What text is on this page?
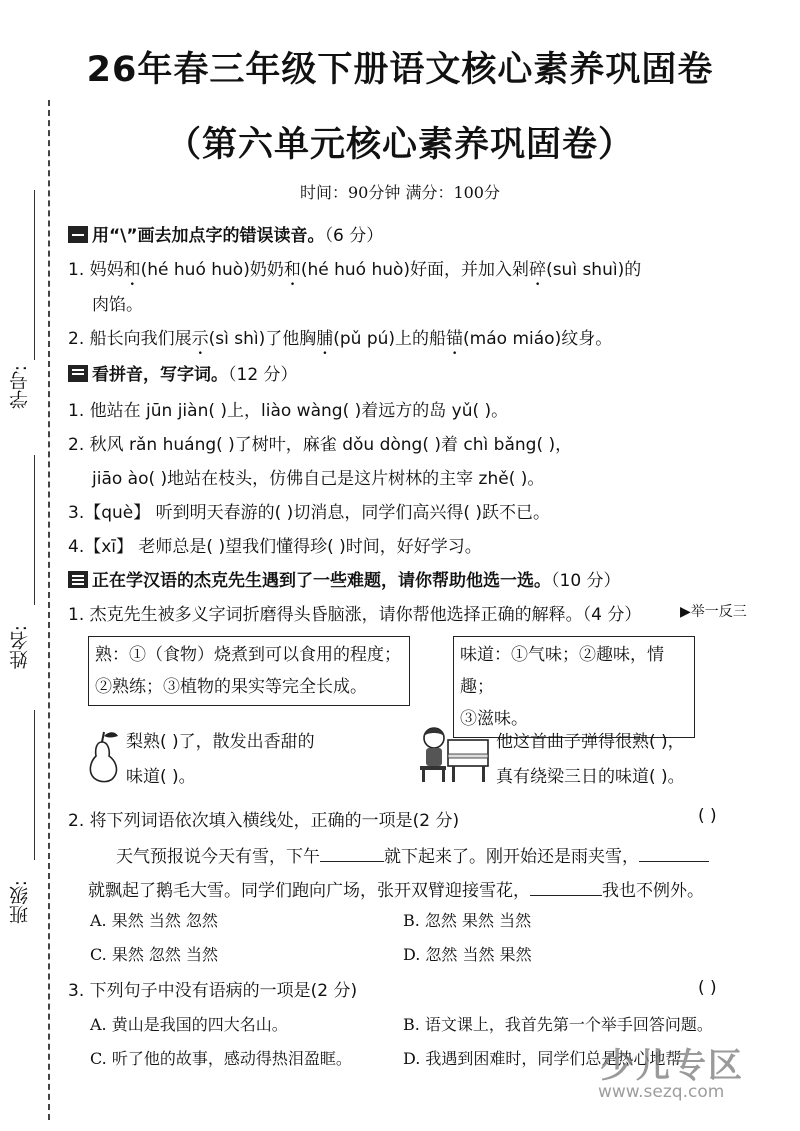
学号:
姓名:
班级:
26年春三年级下册语文核心素养巩固卷
（第六单元核心素养巩固卷）
时间：90分钟 满分：100分
用“\”画去加点字的错误读音。（6 分）
1. 妈妈和(hé huó huò)奶奶和(hé huó huò)好面，并加入剁碎(suì shuì)的
肉馅。
2. 船长向我们展示(sì shì)了他胸脯(pǔ pú)上的船锚(máo miáo)纹身。
看拼音，写字词。（12 分）
1. 他站在 jūn jiàn( )上，liào wàng( )着远方的岛 yǔ( )。
2. 秋风 rǎn huáng( )了树叶，麻雀 dǒu dòng( )着 chì bǎng( )，
jiāo ào( )地站在枝头，仿佛自己是这片树林的主宰 zhě( )。
3.【què】 听到明天春游的( )切消息，同学们高兴得( )跃不已。
4.【xī】 老师总是( )望我们懂得珍( )时间，好好学习。
正在学汉语的杰克先生遇到了一些难题，请你帮助他选一选。（10 分）
1. 杰克先生被多义字词折磨得头昏脑涨，请你帮他选择正确的解释。（4 分）	▶举一反三
熟：①（食物）烧煮到可以食用的程度；
②熟练；③植物的果实等完全长成。
味道：①气味；②趣味，情趣；
③滋味。
梨熟( )了，散发出香甜的
味道( )。
他这首曲子弹得很熟( )，
真有绕梁三日的味道( )。
2. 将下列词语依次填入横线处，正确的一项是(2 分)	( )
天气预报说今天有雪，下午	就下起来了。刚开始还是雨夹雪，
就飘起了鹅毛大雪。同学们跑向广场，张开双臂迎接雪花，	我也不例外。
A. 果然 当然 忽然	B. 忽然 果然 当然
C. 果然 忽然 当然	D. 忽然 当然 果然
3. 下列句子中没有语病的一项是(2 分)	( )
A. 黄山是我国的四大名山。	B. 语文课上，我首先第一个举手回答问题。
C. 听了他的故事，感动得热泪盈眶。	D. 我遇到困难时，同学们总是热心地帮
少儿专区
www.sezq.com
